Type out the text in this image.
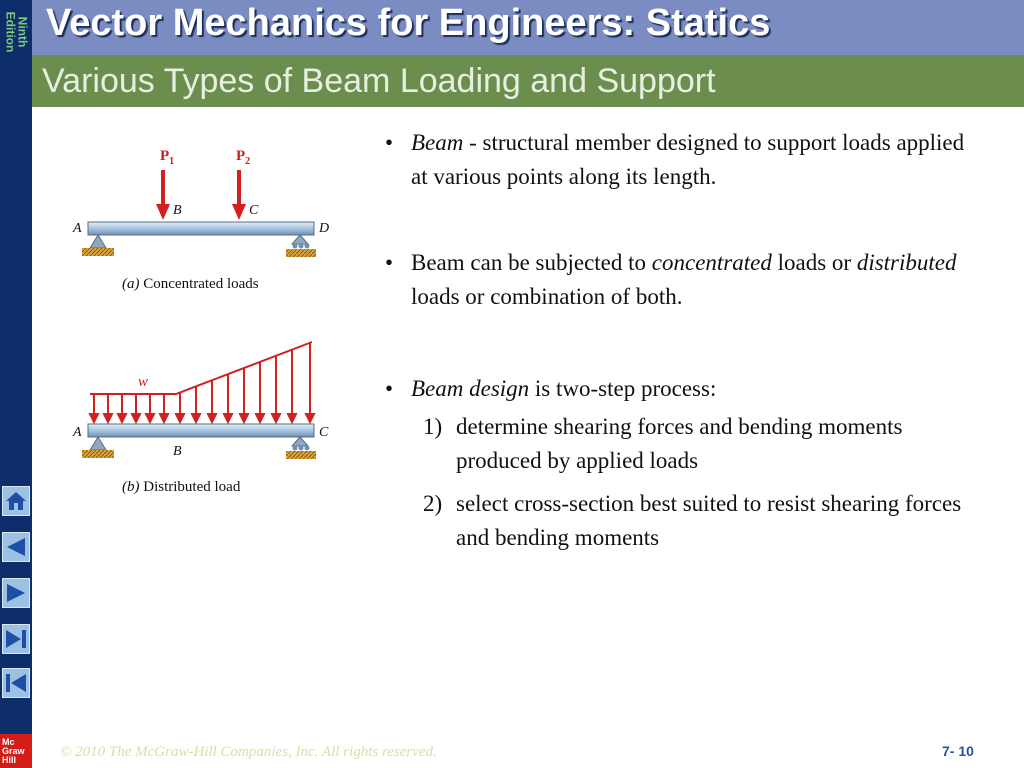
Ninth
Edition
Mc
Graw
Hill
Vector Mechanics for Engineers: Statics
Various Types of Beam Loading and Support
$P_1$	$P_2$
B	C
A	D
(a) Concentrated loads
w
A	C
B
(b) Distributed load
• Beam - structural member designed to support loads applied at various points along its length.
• Beam can be subjected to concentrated loads or distributed loads or combination of both.
• Beam design is two-step process:
1) determine shearing forces and bending moments produced by applied loads
2) select cross-section best suited to resist shearing forces and bending moments
© 2010 The McGraw-Hill Companies, Inc. All rights reserved.	7- 10
